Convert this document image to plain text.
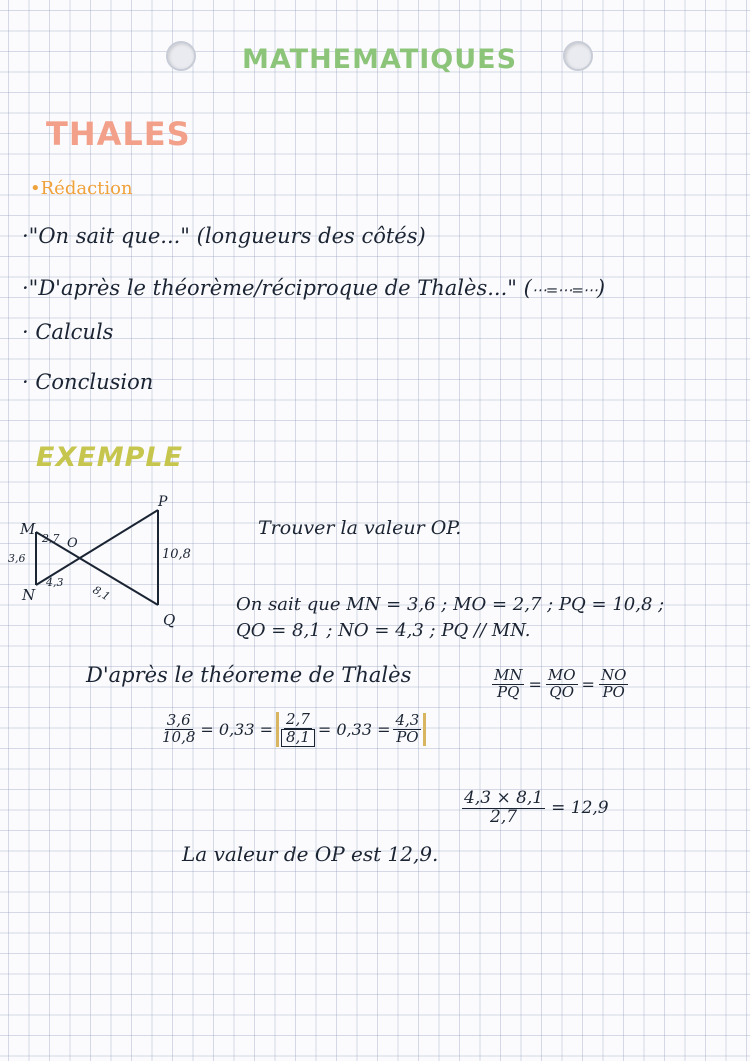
MATHEMATIQUES
THALES
•Rédaction
·"On sait que..." (longueurs des côtés)
·"D'après le théorème/réciproque de Thalès..." (⋯=⋯=⋯)
· Calculs
· Conclusion
EXEMPLE
M
N
O
P
Q
3,6
2,7
4,3
8,1
10,8
Trouver la valeur OP.
On sait que MN = 3,6 ; MO = 2,7 ; PQ = 10,8 ;
QO = 8,1 ; NO = 4,3 ; PQ // MN.
D'après le théoreme de Thalès	$\frac{MN}{PQ} = \frac{MO}{QO} = \frac{NO}{PO}$
$\frac{3,6}{10,8} = 0,33 = \frac{2,7}{8,1} = 0,33 = \frac{4,3}{PO}$
$\frac{4,3 \times 8,1}{2,7} = 12,9$
La valeur de OP est 12,9.
